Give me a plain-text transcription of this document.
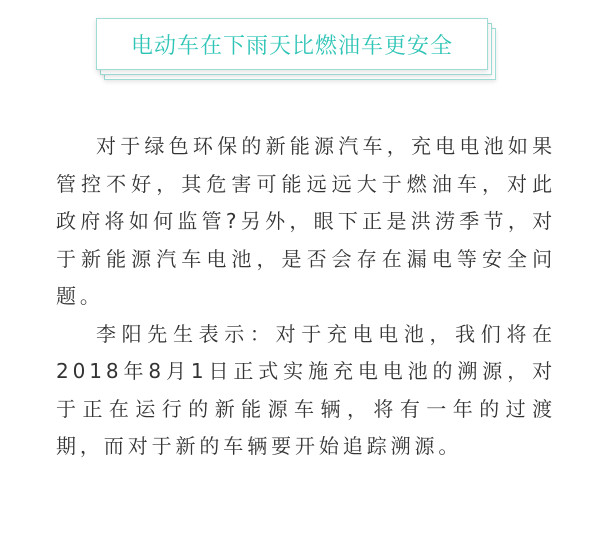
电动车在下雨天比燃油车更安全

对于绿色环保的新能源汽车，充电电池如果管控不好，其危害可能远远大于燃油车，对此政府将如何监管?另外，眼下正是洪涝季节，对于新能源汽车电池，是否会存在漏电等安全问题。

李阳先生表示：对于充电电池，我们将在2018年8月1日正式实施充电电池的溯源，对于正在运行的新能源车辆，将有一年的过渡期，而对于新的车辆要开始追踪溯源。
